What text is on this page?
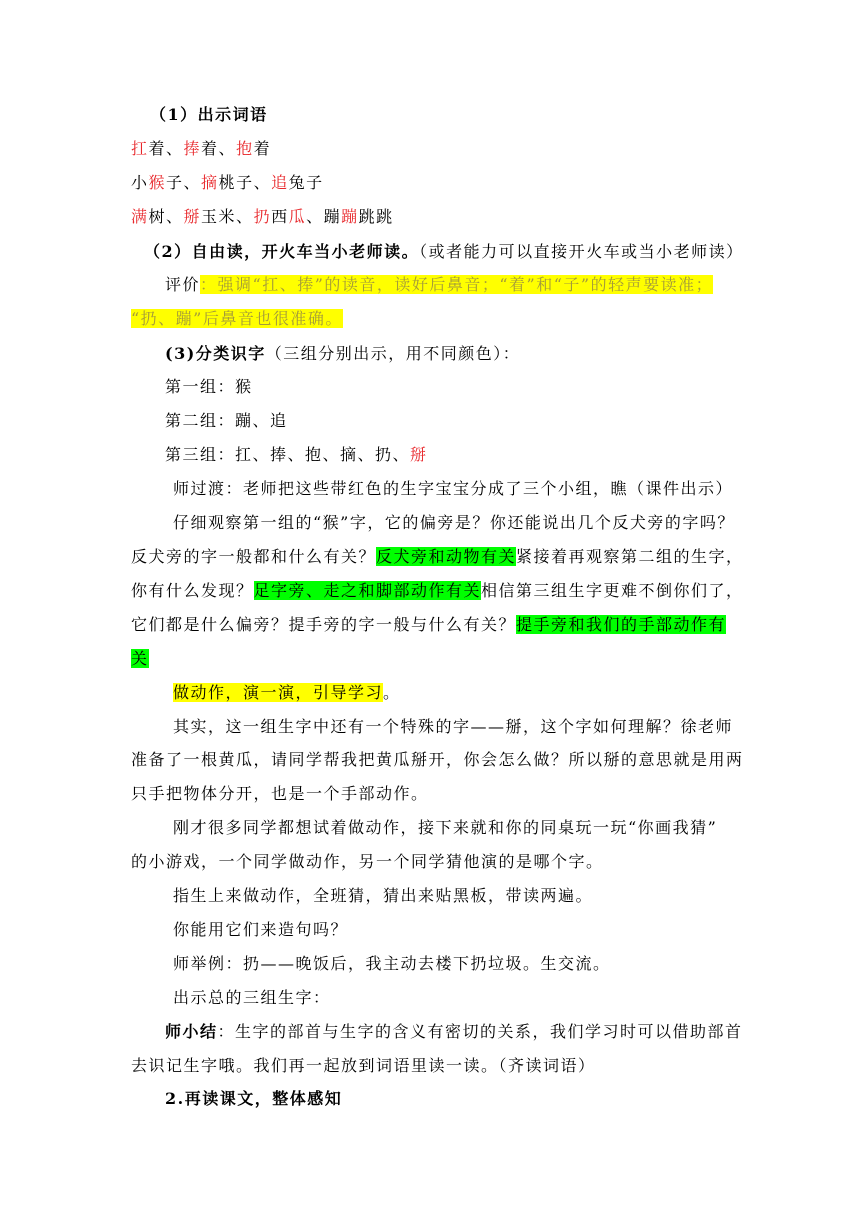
（1）出示词语
扛着、捧着、抱着
小猴子、摘桃子、追兔子
满树、掰玉米、扔西瓜、蹦蹦跳跳
（2）自由读，开火车当小老师读。（或者能力可以直接开火车或当小老师读）
评价：强调“扛、捧”的读音，读好后鼻音；“着”和“子”的轻声要读准；
“扔、蹦”后鼻音也很准确。
(3)分类识字（三组分别出示，用不同颜色）：
第一组：猴
第二组：蹦、追
第三组：扛、捧、抱、摘、扔、掰
师过渡：老师把这些带红色的生字宝宝分成了三个小组，瞧（课件出示）
仔细观察第一组的“猴”字，它的偏旁是？你还能说出几个反犬旁的字吗？
反犬旁的字一般都和什么有关？反犬旁和动物有关紧接着再观察第二组的生字，
你有什么发现？足字旁、走之和脚部动作有关相信第三组生字更难不倒你们了，
它们都是什么偏旁？提手旁的字一般与什么有关？提手旁和我们的手部动作有
关
做动作，演一演，引导学习。
其实，这一组生字中还有一个特殊的字——掰，这个字如何理解？徐老师
准备了一根黄瓜，请同学帮我把黄瓜掰开，你会怎么做？所以掰的意思就是用两
只手把物体分开，也是一个手部动作。
刚才很多同学都想试着做动作，接下来就和你的同桌玩一玩“你画我猜”
的小游戏，一个同学做动作，另一个同学猜他演的是哪个字。
指生上来做动作，全班猜，猜出来贴黑板，带读两遍。
你能用它们来造句吗？
师举例：扔——晚饭后，我主动去楼下扔垃圾。生交流。
出示总的三组生字：
师小结：生字的部首与生字的含义有密切的关系，我们学习时可以借助部首
去识记生字哦。我们再一起放到词语里读一读。（齐读词语）
2.再读课文，整体感知
